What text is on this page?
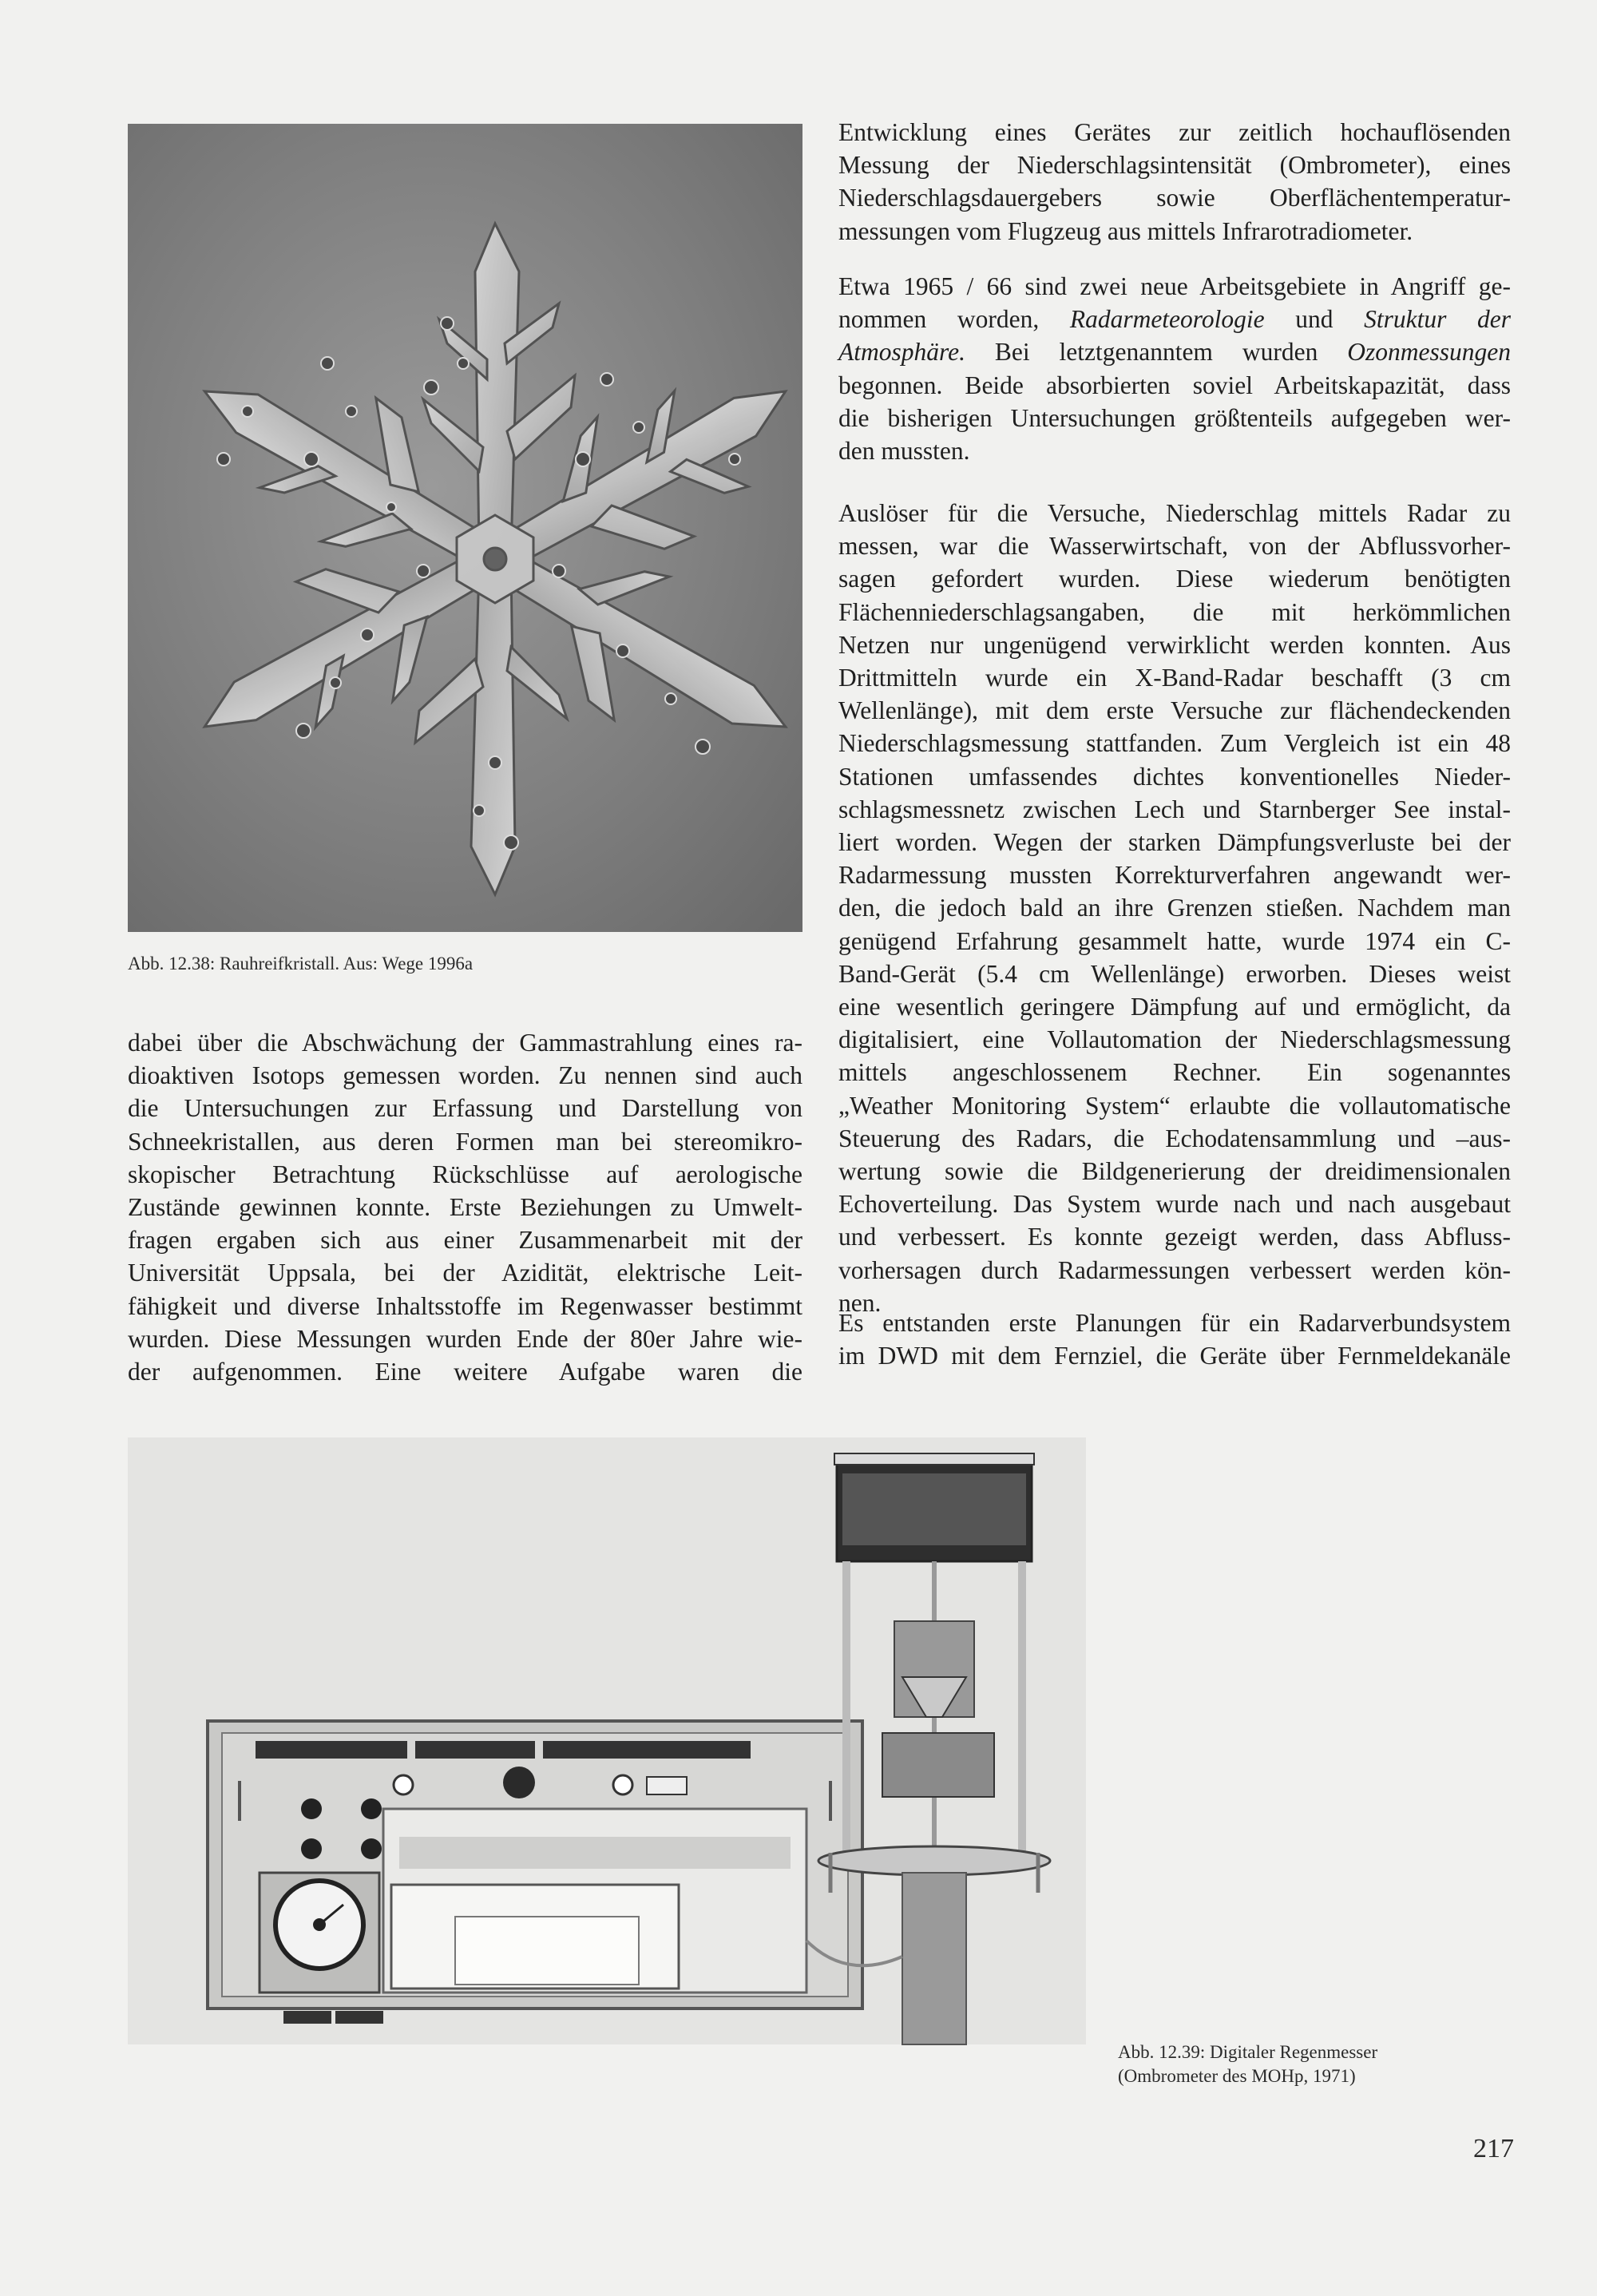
Abb. 12.38: Rauhreifkristall. Aus: Wege 1996a
dabei über die Abschwächung der Gammastrahlung eines ra-
dioaktiven Isotops gemessen worden. Zu nennen sind auch
die Untersuchungen zur Erfassung und Darstellung von
Schneekristallen, aus deren Formen man bei stereomikro-
skopischer Betrachtung Rückschlüsse auf aerologische
Zustände gewinnen konnte. Erste Beziehungen zu Umwelt-
fragen ergaben sich aus einer Zusammenarbeit mit der
Universität Uppsala, bei der Azidität, elektrische Leit-
fähigkeit und diverse Inhaltsstoffe im Regenwasser bestimmt
wurden. Diese Messungen wurden Ende der 80er Jahre wie-
der aufgenommen. Eine weitere Aufgabe waren die
Entwicklung eines Gerätes zur zeitlich hochauflösenden
Messung der Niederschlagsintensität (Ombrometer), eines
Niederschlagsdauergebers sowie Oberflächentemperatur-
messungen vom Flugzeug aus mittels Infrarotradiometer.
Etwa 1965 / 66 sind zwei neue Arbeitsgebiete in Angriff ge-
nommen worden, Radarmeteorologie und Struktur der
Atmosphäre. Bei letztgenanntem wurden Ozonmessungen
begonnen. Beide absorbierten soviel Arbeitskapazität, dass
die bisherigen Untersuchungen größtenteils aufgegeben wer-
den mussten.
Auslöser für die Versuche, Niederschlag mittels Radar zu
messen, war die Wasserwirtschaft, von der Abflussvorher-
sagen gefordert wurden. Diese wiederum benötigten
Flächenniederschlagsangaben, die mit herkömmlichen
Netzen nur ungenügend verwirklicht werden konnten. Aus
Drittmitteln wurde ein X-Band-Radar beschafft (3 cm
Wellenlänge), mit dem erste Versuche zur flächendeckenden
Niederschlagsmessung stattfanden. Zum Vergleich ist ein 48
Stationen umfassendes dichtes konventionelles Nieder-
schlagsmessnetz zwischen Lech und Starnberger See instal-
liert worden. Wegen der starken Dämpfungsverluste bei der
Radarmessung mussten Korrekturverfahren angewandt wer-
den, die jedoch bald an ihre Grenzen stießen. Nachdem man
genügend Erfahrung gesammelt hatte, wurde 1974 ein C-
Band-Gerät (5.4 cm Wellenlänge) erworben. Dieses weist
eine wesentlich geringere Dämpfung auf und ermöglicht, da
digitalisiert, eine Vollautomation der Niederschlagsmessung
mittels angeschlossenem Rechner. Ein sogenanntes
„Weather Monitoring System“ erlaubte die vollautomatische
Steuerung des Radars, die Echodatensammlung und –aus-
wertung sowie die Bildgenerierung der dreidimensionalen
Echoverteilung. Das System wurde nach und nach ausgebaut
und verbessert. Es konnte gezeigt werden, dass Abfluss-
vorhersagen durch Radarmessungen verbessert werden kön-
nen.
Es entstanden erste Planungen für ein Radarverbundsystem
im DWD mit dem Fernziel, die Geräte über Fernmeldekanäle
Abb. 12.39: Digitaler Regenmesser
(Ombrometer des MOHp, 1971)
217
